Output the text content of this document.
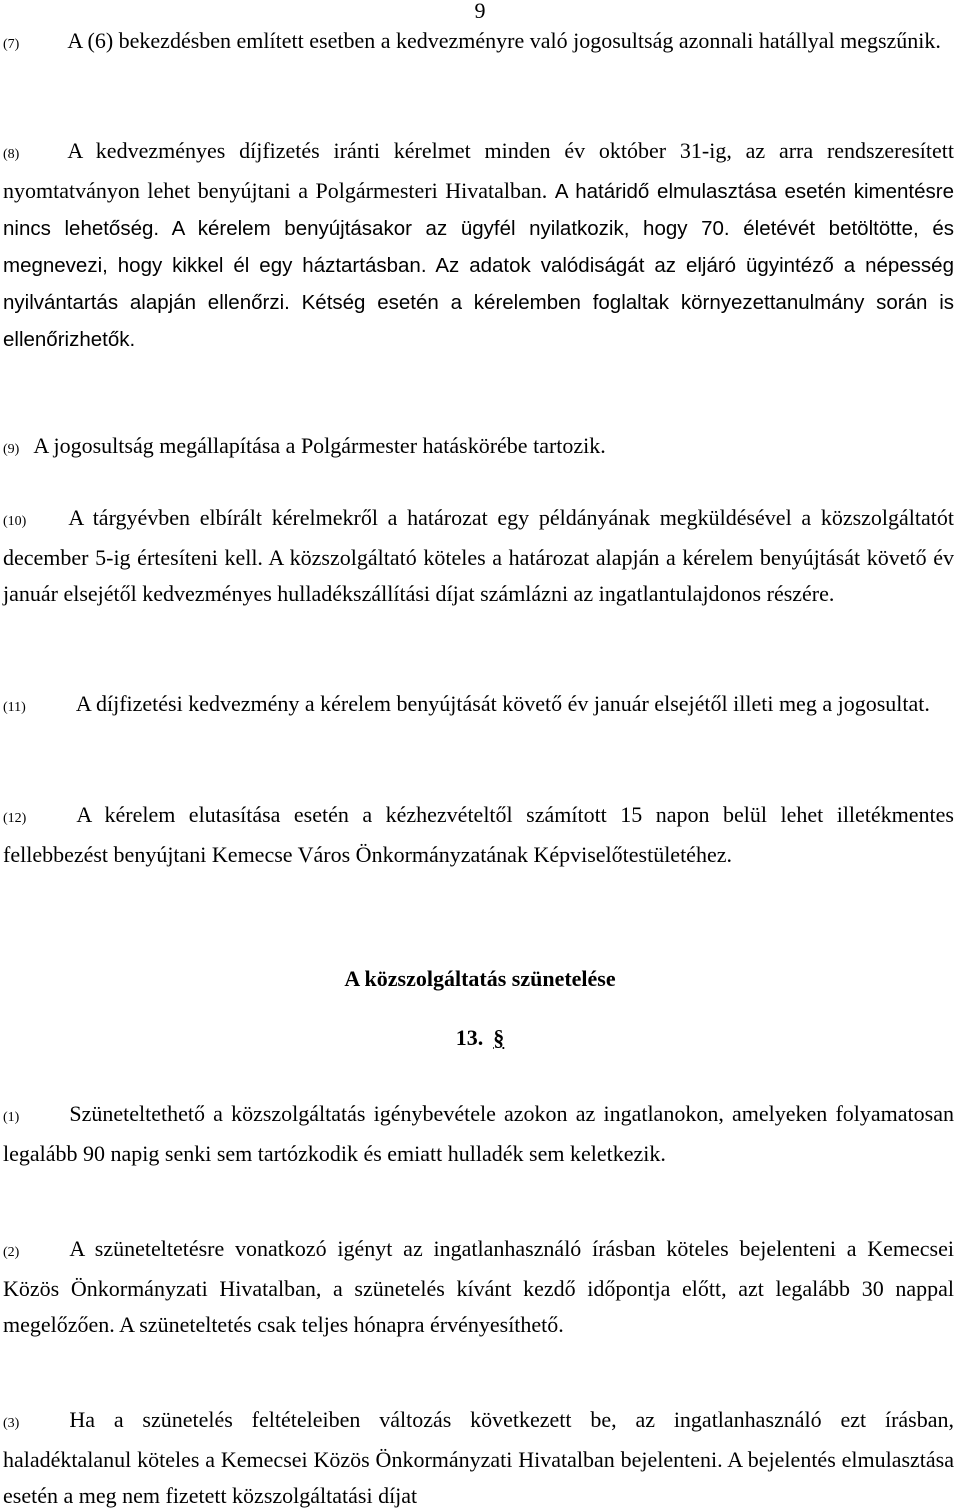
9

(7) A (6) bekezdésben említett esetben a kedvezményre való jogosultság azonnali hatállyal megszűnik.

(8) A kedvezményes díjfizetés iránti kérelmet minden év október 31-ig, az arra rendszeresített nyomtatványon lehet benyújtani a Polgármesteri Hivatalban. A határidő elmulasztása esetén kimentésre nincs lehetőség. A kérelem benyújtásakor az ügyfél nyilatkozik, hogy 70. életévét betöltötte, és megnevezi, hogy kikkel él egy háztartásban. Az adatok valódiságát az eljáró ügyintéző a népesség nyilvántartás alapján ellenőrzi. Kétség esetén a kérelemben foglaltak környezettanulmány során is ellenőrizhetők.

(9) A jogosultság megállapítása a Polgármester hatáskörébe tartozik.

(10) A tárgyévben elbírált kérelmekről a határozat egy példányának megküldésével a közszolgáltatót december 5-ig értesíteni kell. A közszolgáltató köteles a határozat alapján a kérelem benyújtását követő év január elsejétől kedvezményes hulladékszállítási díjat számlázni az ingatlantulajdonos részére.

(11) A díjfizetési kedvezmény a kérelem benyújtását követő év január elsejétől illeti meg a jogosultat.

(12) A kérelem elutasítása esetén a kézhezvételtől számított 15 napon belül lehet illetékmentes fellebbezést benyújtani Kemecse Város Önkormányzatának Képviselőtestületéhez.

A közszolgáltatás szünetelése
13. §

(1) Szüneteltethető a közszolgáltatás igénybevétele azokon az ingatlanokon, amelyeken folyamatosan legalább 90 napig senki sem tartózkodik és emiatt hulladék sem keletkezik.

(2) A szüneteltetésre vonatkozó igényt az ingatlanhasználó írásban köteles bejelenteni a Kemecsei Közös Önkormányzati Hivatalban, a szünetelés kívánt kezdő időpontja előtt, azt legalább 30 nappal megelőzően. A szüneteltetés csak teljes hónapra érvényesíthető.

(3) Ha a szünetelés feltételeiben változás következett be, az ingatlanhasználó ezt írásban, haladéktalanul köteles a Kemecsei Közös Önkormányzati Hivatalban bejelenteni. A bejelentés elmulasztása esetén a meg nem fizetett közszolgáltatási díjat
